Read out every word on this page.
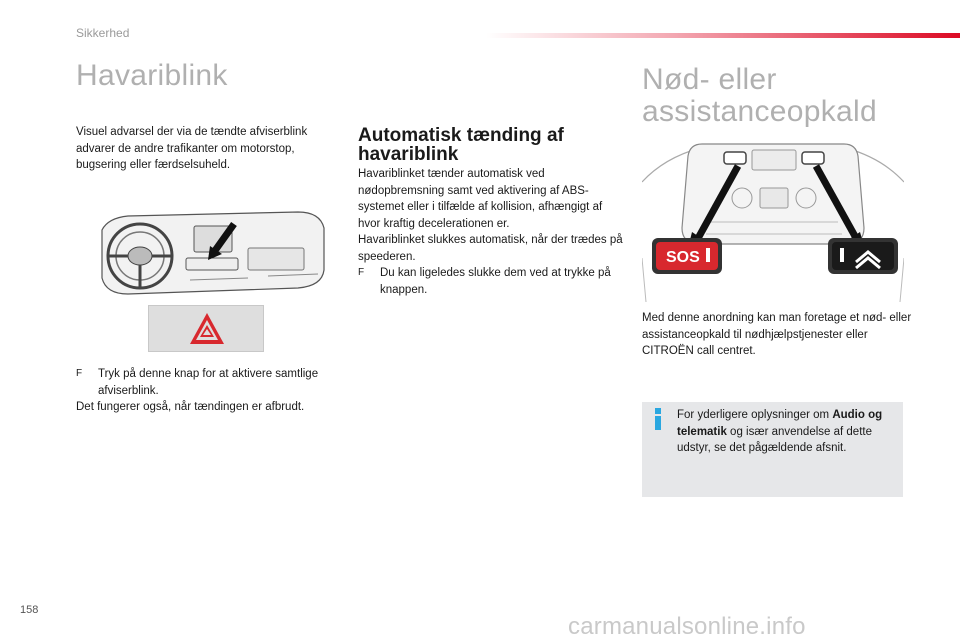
Sikkerhed
Havariblink
Visuel advarsel der via de tændte afviserblink advarer de andre trafikanter om motorstop, bugsering eller færdselsuheld.
F Tryk på denne knap for at aktivere samtlige afviserblink.
Det fungerer også, når tændingen er afbrudt.
Automatisk tænding af havariblink
Havariblinket tænder automatisk ved nødopbremsning samt ved aktivering af ABS-systemet eller i tilfælde af kollision, afhængigt af hvor kraftig decelerationen er.
Havariblinket slukkes automatisk, når der trædes på speederen.
F Du kan ligeledes slukke dem ved at trykke på knappen.
Nød- eller assistanceopkald
SOS
Med denne anordning kan man foretage et nød- eller assistanceopkald til nødhjælpstjenester eller CITROËN call centret.
For yderligere oplysninger om Audio og telematik og især anvendelse af dette udstyr, se det pågældende afsnit.
158
carmanualsonline.info
